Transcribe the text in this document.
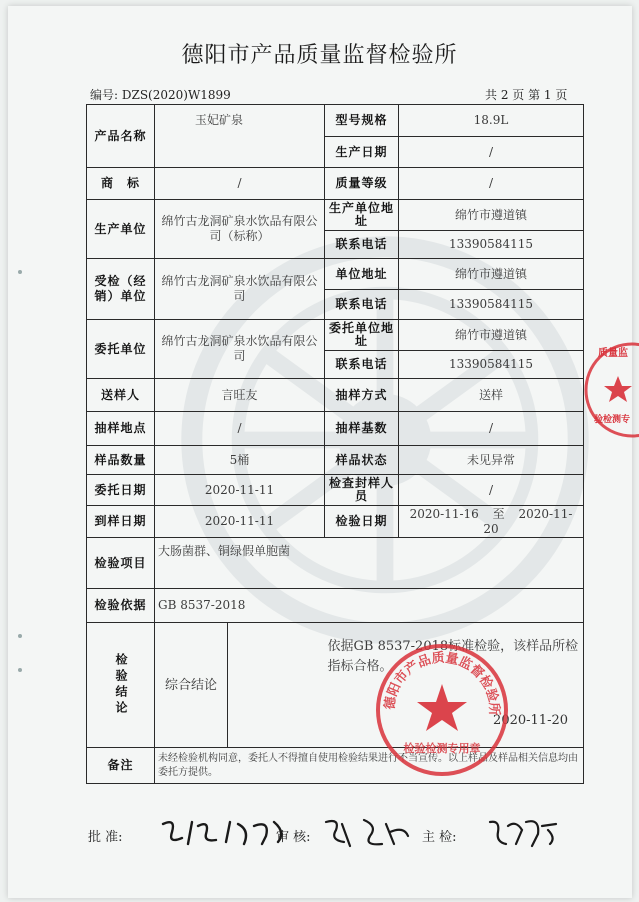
德阳市产品质量监督检验所
编号: DZS(2020)W1899	共 2 页 第 1 页
产品名称	玉妃矿泉	型号规格	18.9L
		生产日期	/
商　标	/	质量等级	/
生产单位	绵竹古龙洞矿泉水饮品有限公司（标称）	生产单位地　址	绵竹市遵道镇
		联系电话	13390584115
受检（经销）单位	绵竹古龙洞矿泉水饮品有限公司	单位地址	绵竹市遵道镇
		联系电话	13390584115
委托单位	绵竹古龙洞矿泉水饮品有限公司	委托单位地　址	绵竹市遵道镇
		联系电话	13390584115
送样人	言旺友	抽样方式	送样
抽样地点	/	抽样基数	/
样品数量	5桶	样品状态	未见异常
委托日期	2020-11-11	检查封样人　员	/
到样日期	2020-11-11	检验日期	2020-11-16 至 2020-11-20
检验项目	大肠菌群、铜绿假单胞菌		
检验依据	GB 8537-2018		

检验结论	综合结论	依据GB 8537-2018标准检验，该样品所检指标合格。
2020-11-20	

备注	未经检验机构同意，委托人不得擅自使用检验结果进行不当宣传。以上样品及样品相关信息均由委托方提供。		
德阳市产品质量监督检验所
检验检测专用章
质量监
验检测专
批 准:	审 核:	主 检:
